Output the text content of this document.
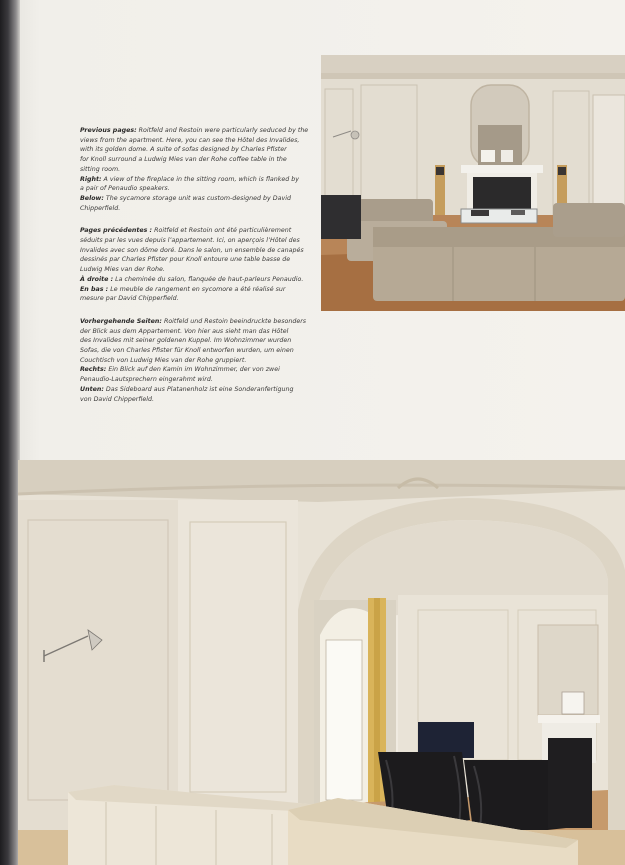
Previous pages: Roitfeld and Restoin were particularly seduced by the
views from the apartment. Here, you can see the Hôtel des Invalides,
with its golden dome. A suite of sofas designed by Charles Pfister
for Knoll surround a Ludwig Mies van der Rohe coffee table in the
sitting room.
Right: A view of the fireplace in the sitting room, which is flanked by
a pair of Penaudio speakers.
Below: The sycamore storage unit was custom-designed by David
Chipperfield.
Pages précédentes : Roitfeld et Restoin ont été particulièrement
séduits par les vues depuis l’appartement. Ici, on aperçois l’Hôtel des
Invalides avec son dôme doré. Dans le salon, un ensemble de canapés
dessinés par Charles Pfister pour Knoll entoure une table basse de
Ludwig Mies van der Rohe.
À droite : La cheminée du salon, flanquée de haut-parleurs Penaudio.
En bas : Le meuble de rangement en sycomore a été réalisé sur
mesure par David Chipperfield.
Vorhergehende Seiten: Roitfeld und Restoin beeindruckte besonders
der Blick aus dem Appartement. Von hier aus sieht man das Hôtel
des Invalides mit seiner goldenen Kuppel. Im Wohnzimmer wurden
Sofas, die von Charles Pfister für Knoll entworfen wurden, um einen
Couchtisch von Ludwig Mies van der Rohe gruppiert.
Rechts: Ein Blick auf den Kamin im Wohnzimmer, der von zwei
Penaudio-Lautsprechern eingerahmt wird.
Unten: Das Sideboard aus Platanenholz ist eine Sonderanfertigung
von David Chipperfield.
